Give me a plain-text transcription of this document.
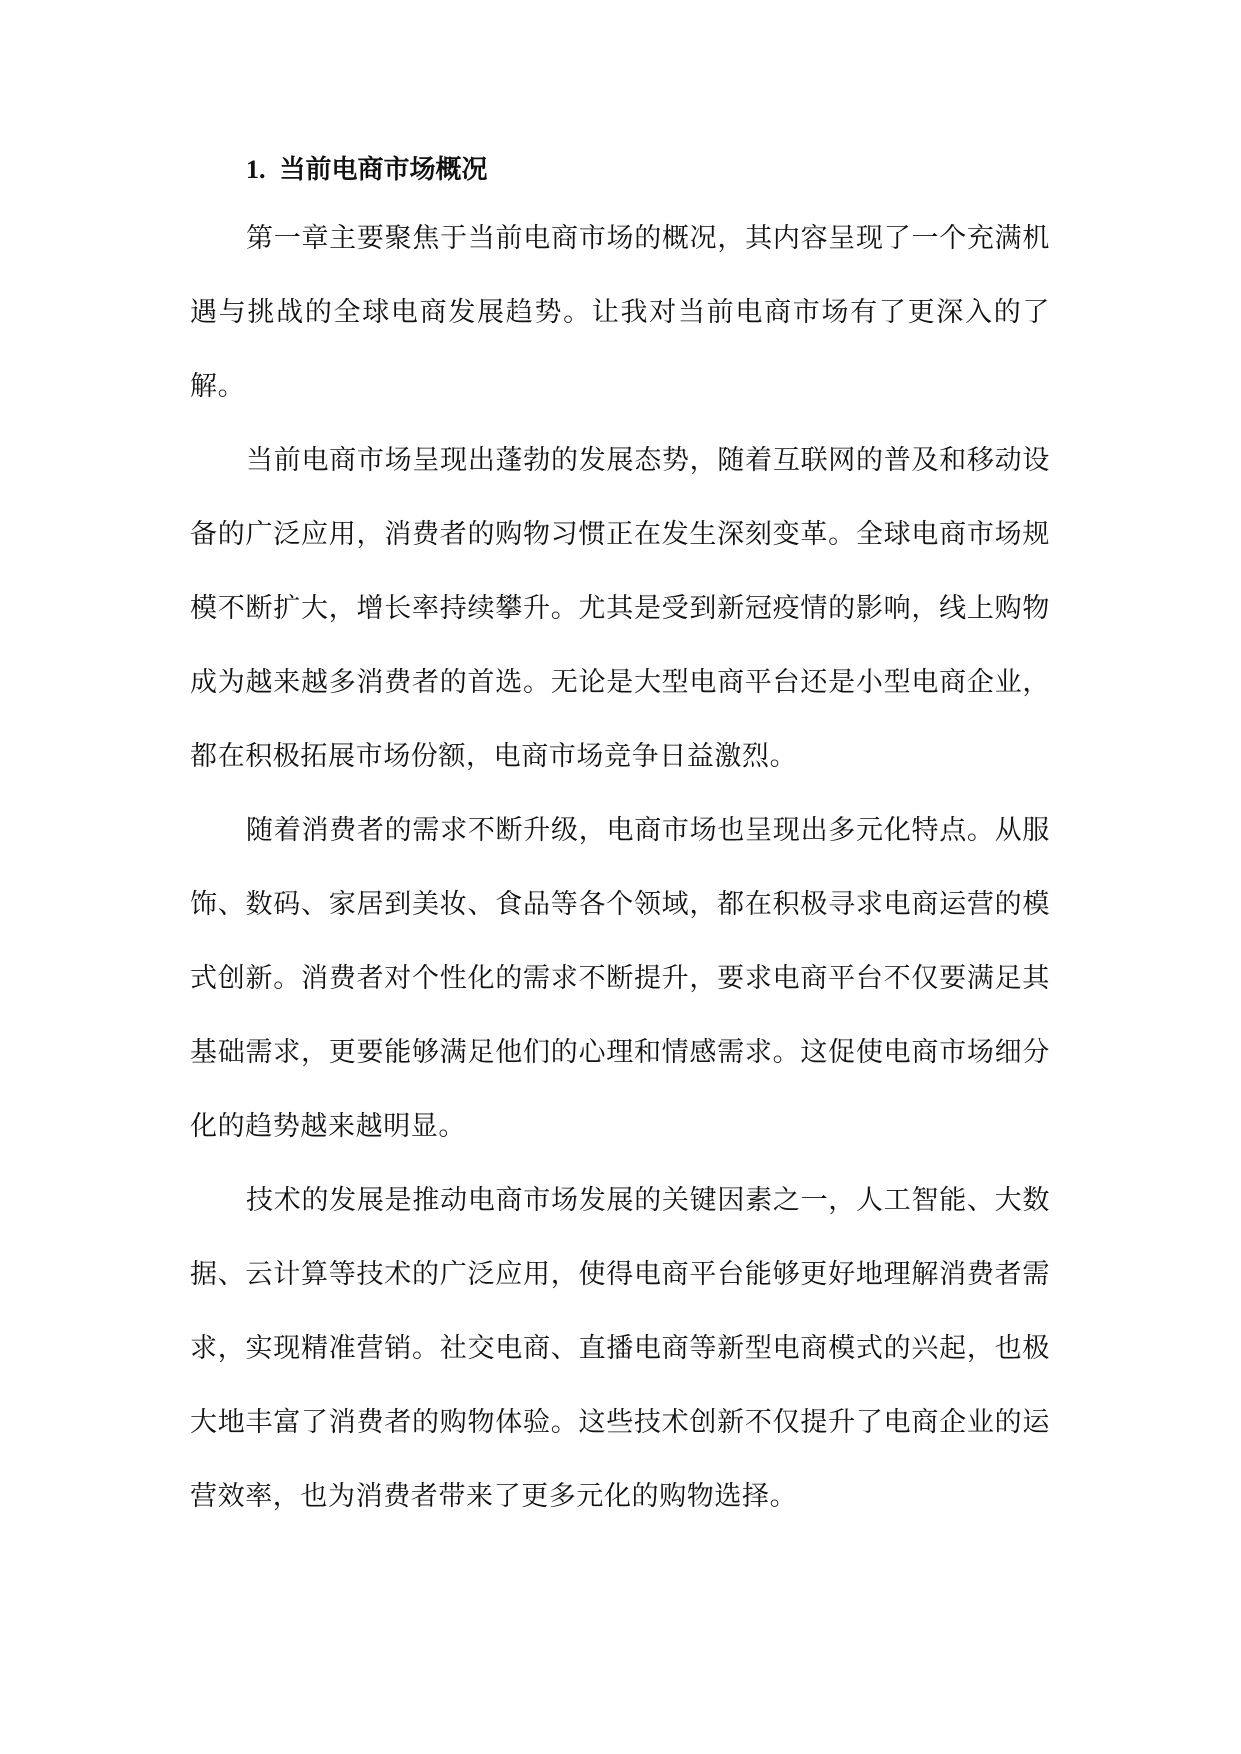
1. 当前电商市场概况

第一章主要聚焦于当前电商市场的概况，其内容呈现了一个充满机遇与挑战的全球电商发展趋势。让我对当前电商市场有了更深入的了解。

当前电商市场呈现出蓬勃的发展态势，随着互联网的普及和移动设备的广泛应用，消费者的购物习惯正在发生深刻变革。全球电商市场规模不断扩大，增长率持续攀升。尤其是受到新冠疫情的影响，线上购物成为越来越多消费者的首选。无论是大型电商平台还是小型电商企业，都在积极拓展市场份额，电商市场竞争日益激烈。

随着消费者的需求不断升级，电商市场也呈现出多元化特点。从服饰、数码、家居到美妆、食品等各个领域，都在积极寻求电商运营的模式创新。消费者对个性化的需求不断提升，要求电商平台不仅要满足其基础需求，更要能够满足他们的心理和情感需求。这促使电商市场细分化的趋势越来越明显。

技术的发展是推动电商市场发展的关键因素之一，人工智能、大数据、云计算等技术的广泛应用，使得电商平台能够更好地理解消费者需求，实现精准营销。社交电商、直播电商等新型电商模式的兴起，也极大地丰富了消费者的购物体验。这些技术创新不仅提升了电商企业的运营效率，也为消费者带来了更多元化的购物选择。
